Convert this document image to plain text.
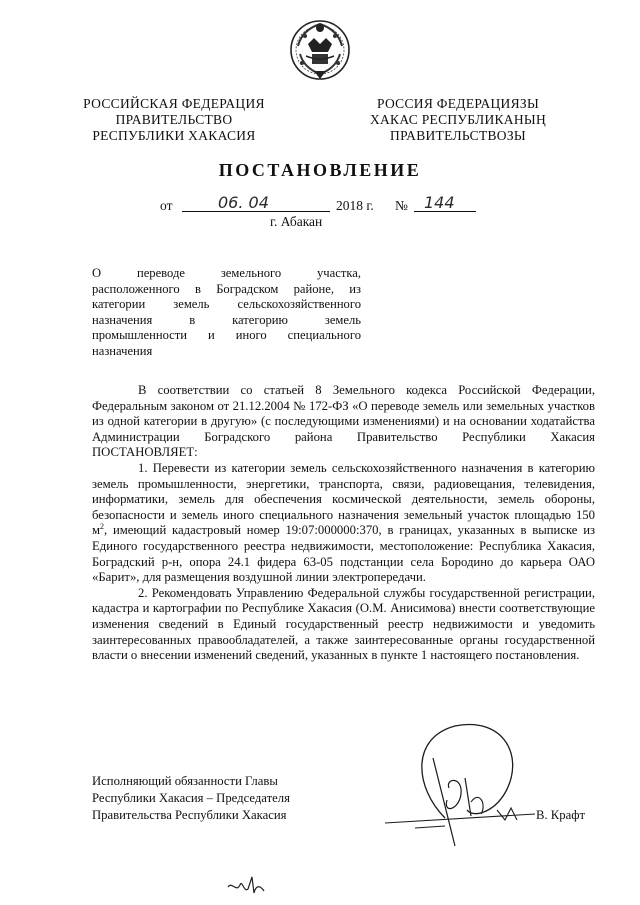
РОССИЙСКАЯ ФЕДЕРАЦИЯ
ПРАВИТЕЛЬСТВО
РЕСПУБЛИКИ ХАКАСИЯ
РОССИЯ ФЕДЕРАЦИЯЗЫ
ХАКАС РЕСПУБЛИКАНЫҢ
ПРАВИТЕЛЬСТВОЗЫ
ПОСТАНОВЛЕНИЕ
от	06. 04	2018 г. № 144
г. Абакан
О переводе земельного участка,
расположенного в Боградском районе, из
категории земель сельскохозяйственного
назначения в категорию земель
промышленности и иного специального
назначения

В соответствии со статьей 8 Земельного кодекса Российской Федерации, Федеральным законом от 21.12.2004 № 172-ФЗ «О переводе земель или земельных участков из одной категории в другую» (с последующими изменениями) и на основании ходатайства Администрации Боградского района Правительство Республики Хакасия ПОСТАНОВЛЯЕТ:

1. Перевести из категории земель сельскохозяйственного назначения в категорию земель промышленности, энергетики, транспорта, связи, радиовещания, телевидения, информатики, земель для обеспечения космической деятельности, земель обороны, безопасности и земель иного специального назначения земельный участок площадью 150 $м^2$, имеющий кадастровый номер 19:07:000000:370, в границах, указанных в выписке из Единого государственного реестра недвижимости, местоположение: Республика Хакасия, Боградский р-н, опора 24.1 фидера 63-05 подстанции села Бородино до карьера ОАО «Барит», для размещения воздушной линии электропередачи.

2. Рекомендовать Управлению Федеральной службы государственной регистрации, кадастра и картографии по Республике Хакасия (О.М. Анисимова) внести соответствующие изменения сведений в Единый государственный реестр недвижимости и уведомить заинтересованных правообладателей, а также заинтересованные органы государственной власти о внесении изменений сведений, указанных в пункте 1 настоящего постановления.

Исполняющий обязанности Главы
Республики Хакасия – Председателя
Правительства Республики Хакасия	В. Крафт
